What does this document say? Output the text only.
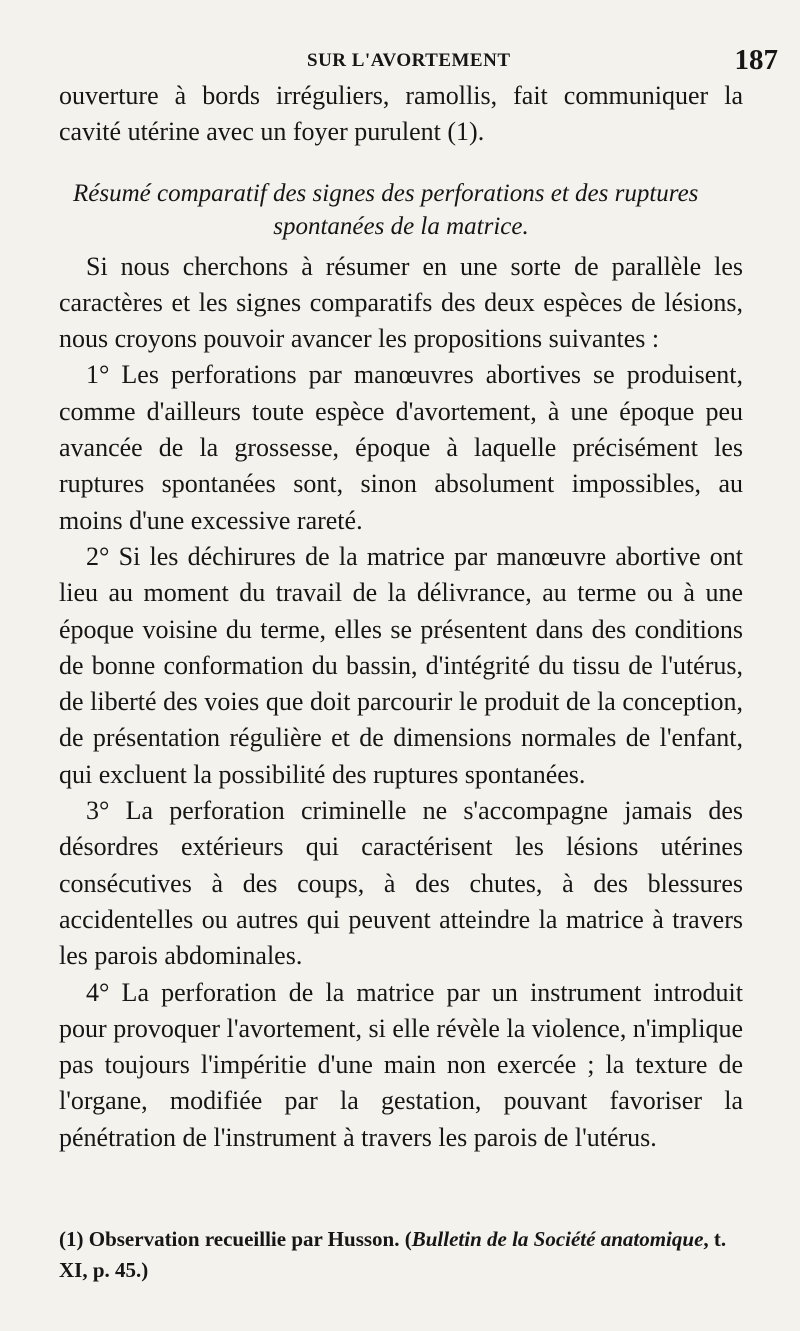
SUR L'AVORTEMENT	187

ouverture à bords irréguliers, ramollis, fait communiquer la cavité utérine avec un foyer purulent (1).

Résumé comparatif des signes des perforations et des ruptures
spontanées de la matrice.

Si nous cherchons à résumer en une sorte de parallèle les caractères et les signes comparatifs des deux espèces de lésions, nous croyons pouvoir avancer les propositions suivantes :

1° Les perforations par manœuvres abortives se produisent, comme d'ailleurs toute espèce d'avortement, à une époque peu avancée de la grossesse, époque à laquelle précisément les ruptures spontanées sont, sinon absolument impossibles, au moins d'une excessive rareté.

2° Si les déchirures de la matrice par manœuvre abortive ont lieu au moment du travail de la délivrance, au terme ou à une époque voisine du terme, elles se présentent dans des conditions de bonne conformation du bassin, d'intégrité du tissu de l'utérus, de liberté des voies que doit parcourir le produit de la conception, de présentation régulière et de dimensions normales de l'enfant, qui excluent la possibilité des ruptures spontanées.

3° La perforation criminelle ne s'accompagne jamais des désordres extérieurs qui caractérisent les lésions utérines consécutives à des coups, à des chutes, à des blessures accidentelles ou autres qui peuvent atteindre la matrice à travers les parois abdominales.

4° La perforation de la matrice par un instrument introduit pour provoquer l'avortement, si elle révèle la violence, n'implique pas toujours l'impéritie d'une main non exercée ; la texture de l'organe, modifiée par la gestation, pouvant favoriser la pénétration de l'instrument à travers les parois de l'utérus.

(1) Observation recueillie par Husson. (Bulletin de la Société anatomique, t. XI, p. 45.)
